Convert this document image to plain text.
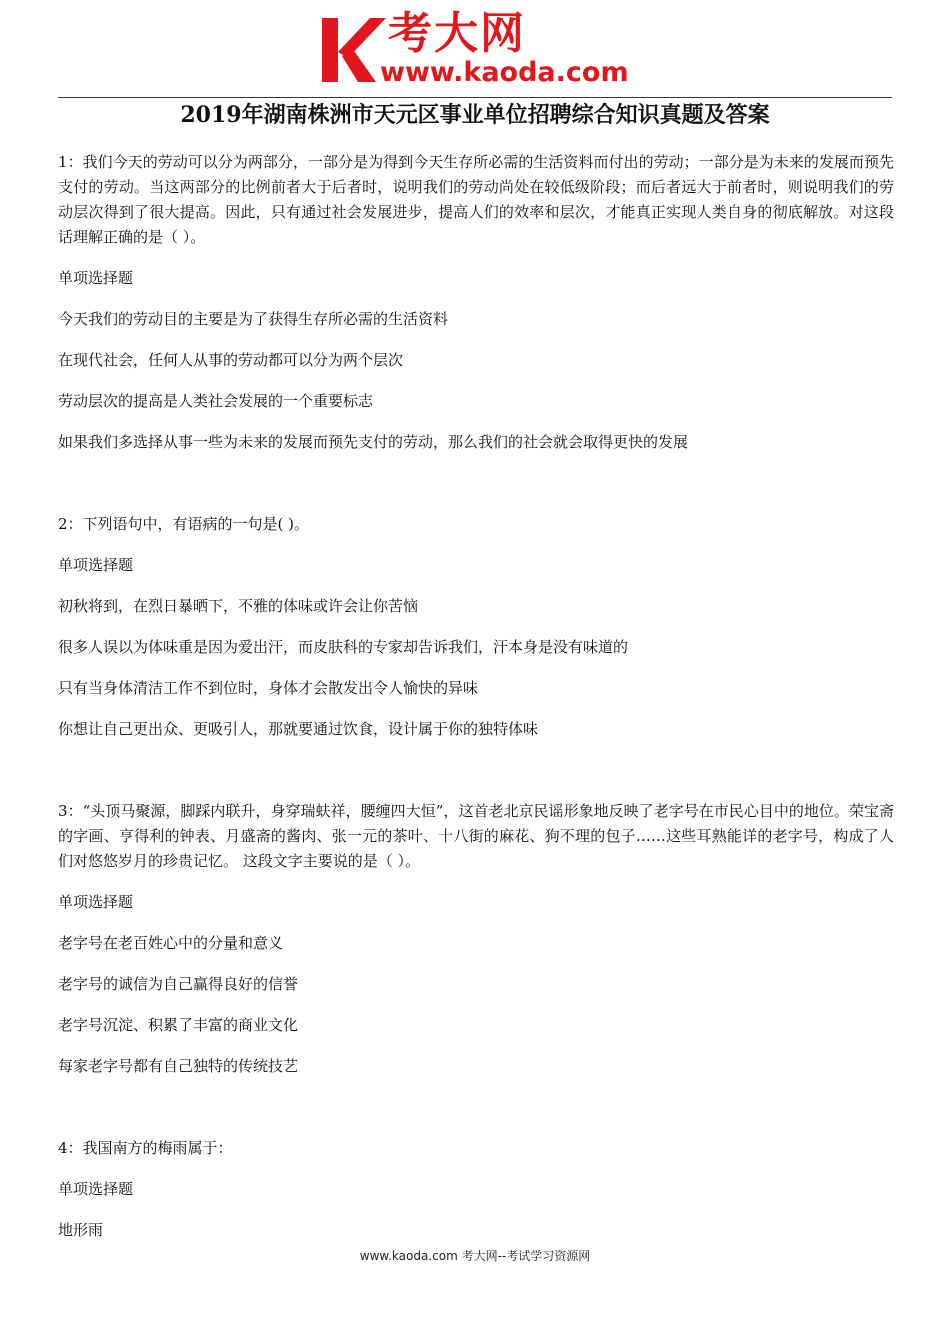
考大网
www.kaoda.com
2019年湖南株洲市天元区事业单位招聘综合知识真题及答案

1：我们今天的劳动可以分为两部分，一部分是为得到今天生存所必需的生活资料而付出的劳动；一部分是为未来的发展而预先支付的劳动。当这两部分的比例前者大于后者时，说明我们的劳动尚处在较低级阶段；而后者远大于前者时，则说明我们的劳动层次得到了很大提高。因此，只有通过社会发展进步，提高人们的效率和层次，才能真正实现人类自身的彻底解放。对这段话理解正确的是（ ）。

单项选择题

今天我们的劳动目的主要是为了获得生存所必需的生活资料

在现代社会，任何人从事的劳动都可以分为两个层次

劳动层次的提高是人类社会发展的一个重要标志

如果我们多选择从事一些为未来的发展而预先支付的劳动，那么我们的社会就会取得更快的发展

2：下列语句中，有语病的一句是( )。

单项选择题

初秋将到，在烈日暴晒下，不雅的体味或许会让你苦恼

很多人误以为体味重是因为爱出汗，而皮肤科的专家却告诉我们，汗本身是没有味道的

只有当身体清洁工作不到位时，身体才会散发出令人愉快的异味

你想让自己更出众、更吸引人，那就要通过饮食，设计属于你的独特体味

3：“头顶马聚源，脚踩内联升，身穿瑞蚨祥，腰缠四大恒”，这首老北京民谣形象地反映了老字号在市民心目中的地位。荣宝斋的字画、亨得利的钟表、月盛斋的酱肉、张一元的茶叶、十八街的麻花、狗不理的包子……这些耳熟能详的老字号，构成了人们对悠悠岁月的珍贵记忆。 这段文字主要说的是（ ）。

单项选择题

老字号在老百姓心中的分量和意义

老字号的诚信为自己赢得良好的信誉

老字号沉淀、积累了丰富的商业文化

每家老字号都有自己独特的传统技艺

4：我国南方的梅雨属于：

单项选择题

地形雨

www.kaoda.com 考大网--考试学习资源网
